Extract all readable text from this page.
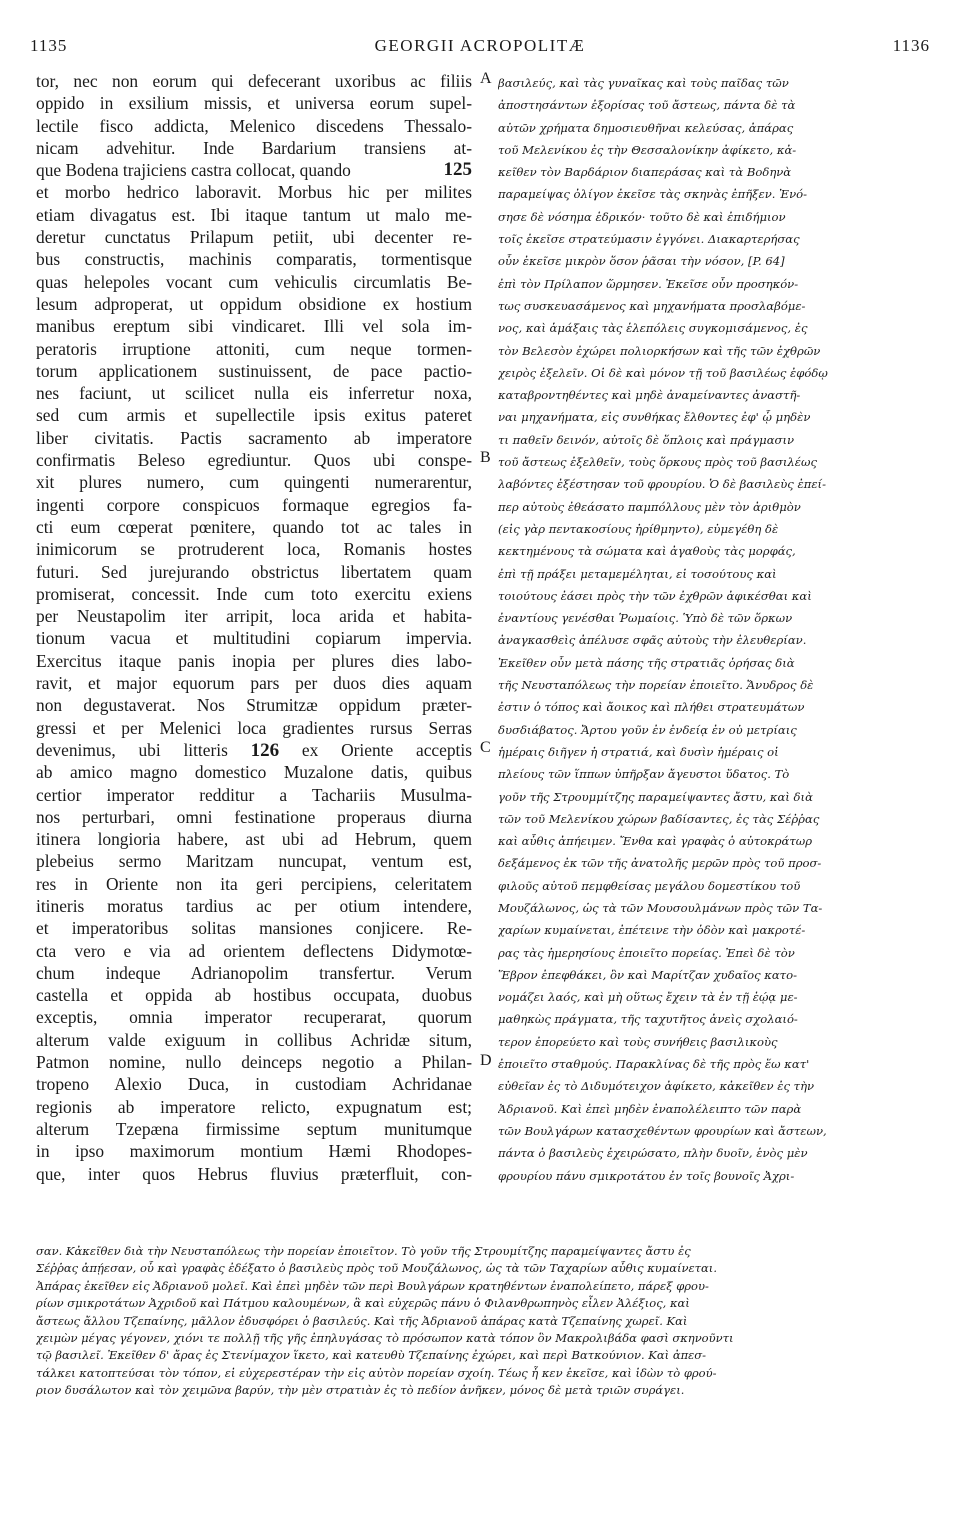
1135	GEORGII ACROPOLITÆ	1136
tor, nec non eorum qui defecerant uxoribus ac filiis
oppido in exsilium missis, et universa eorum supel-
lectile fisco addicta, Melenico discedens Thessalo-
nicam advehitur. Inde Bardarium transiens at-
que Bodena trajiciens castra collocat, quando	125
et morbo hedrico laboravit. Morbus hic per milites
etiam divagatus est. Ibi itaque tantum ut malo me-
deretur cunctatus Prilapum petiit, ubi decenter re-
bus constructis, machinis comparatis, tormentisque
quas helepoles vocant cum vehiculis circumlatis Be-
lesum adproperat, ut oppidum obsidione ex hostium
manibus ereptum sibi vindicaret. Illi vel sola im-
peratoris irruptione attoniti, cum neque tormen-
torum applicationem sustinuissent, de pace pactio-
nes faciunt, ut scilicet nulla eis inferretur noxa,
sed cum armis et supellectile ipsis exitus pateret
liber civitatis. Pactis sacramento ab imperatore
confirmatis Beleso egrediuntur. Quos ubi conspe-
xit plures numero, cum quingenti numerarentur,
ingenti corpore conspicuos formaque egregios fa-
cti eum cœperat pœnitere, quando tot ac tales in
inimicorum se protruderent loca, Romanis hostes
futuri. Sed jurejurando obstrictus libertatem quam
promiserat, concessit. Inde cum toto exercitu exiens
per Neustapolim iter arripit, loca arida et habita-
tionum vacua et multitudini copiarum impervia.
Exercitus itaque panis inopia per plures dies labo-
ravit, et major equorum pars per duos dies aquam
non degustaverat. Nos Strumitzæ oppidum præter-
gressi et per Melenici loca gradientes rursus Serras
devenimus, ubi litteris 126 ex Oriente acceptis
ab amico magno domestico Muzalone datis, quibus
certior imperator redditur a Tachariis Musulma-
nos perturbari, omni festinatione properaus diurna
itinera longioria habere, ast ubi ad Hebrum, quem
plebeius sermo Maritzam nuncupat, ventum est,
res in Oriente non ita geri percipiens, celeritatem
itineris moratus tardius ac per otium intendere,
et imperatoribus solitas mansiones conjicere. Re-
cta vero e via ad orientem deflectens Didymotœ-
chum indeque Adrianopolim transfertur. Verum
castella et oppida ab hostibus occupata, duobus
exceptis, omnia imperator recuperarat, quorum
alterum valde exiguum in collibus Achridæ situm,
Patmon nomine, nullo deinceps negotio a Philan-
tropeno Alexio Duca, in custodiam Achridanae
regionis ab imperatore relicto, expugnatum est;
alterum Tzepæna firmissime septum munitumque
in ipso maximorum montium Hæmi Rhodopes-
que, inter quos Hebrus fluvius præterfluit, con-
βασιλεύς, καὶ τὰς γυναῖκας καὶ τοὺς παῖδας τῶν
ἀποστησάντων ἐξορίσας τοῦ ἄστεως, πάντα δὲ τὰ
αὐτῶν χρήματα δημοσιευθῆναι κελεύσας, ἀπάρας
τοῦ Μελενίκου ἐς τὴν Θεσσαλονίκην ἀφίκετο, κἀ-
κεῖθεν τὸν Βαρδάριον διαπεράσας καὶ τὰ Βοδηνὰ
παραμείψας ὀλίγον ἐκεῖσε τὰς σκηνὰς ἐπῆξεν. Ἐνό-
σησε δὲ νόσημα ἑδρικόν· τοῦτο δὲ καὶ ἐπιδήμιον
τοῖς ἐκεῖσε στρατεύμασιν ἐγγόνει. Διακαρτερήσας
οὖν ἐκεῖσε μικρὸν ὅσον ῥᾶσαι τὴν νόσον, [P. 64]
ἐπὶ τὸν Πρίλαπον ὥρμησεν. Ἐκεῖσε οὖν προσηκόν-
τως συσκευασάμενος καὶ μηχανήματα προσλαβόμε-
νος, καὶ ἁμάξαις τὰς ἑλεπόλεις συγκομισάμενος, ἐς
τὸν Βελεσὸν ἐχώρει πολιορκήσων καὶ τῆς τῶν ἐχθρῶν
χειρὸς ἐξελεῖν. Οἱ δὲ καὶ μόνον τῇ τοῦ βασιλέως ἐφόδῳ
καταβροντηθέντες καὶ μηδὲ ἀναμείναντες ἀναστῆ-
ναι μηχανήματα, εἰς συνθήκας ἔλθοντες ἐφ' ᾧ μηδὲν
τι παθεῖν δεινόν, αὐτοῖς δὲ ὅπλοις καὶ πράγμασιν
τοῦ ἄστεως ἐξελθεῖν, τοὺς ὅρκους πρὸς τοῦ βασιλέως
λαβόντες ἐξέστησαν τοῦ φρουρίου. Ὁ δὲ βασιλεὺς ἐπεί-
περ αὐτοὺς ἐθεάσατο παμπόλλους μὲν τὸν ἀριθμὸν
(εἰς γὰρ πεντακοσίους ἠρίθμηντο), εὐμεγέθη δὲ
κεκτημένους τὰ σώματα καὶ ἀγαθοὺς τὰς μορφάς,
ἐπὶ τῇ πράξει μεταμεμέληται, εἰ τοσούτους καὶ
τοιούτους ἐάσει πρὸς τὴν τῶν ἐχθρῶν ἀφικέσθαι καὶ
ἐναντίους γενέσθαι Ῥωμαίοις. Ὑπὸ δὲ τῶν ὅρκων
ἀναγκασθεὶς ἀπέλυσε σφᾶς αὐτοὺς τὴν ἐλευθερίαν.
Ἐκεῖθεν οὖν μετὰ πάσης τῆς στρατιᾶς ὁρήσας διὰ
τῆς Νευσταπόλεως τὴν πορείαν ἐποιεῖτο. Ἄνυδρος δὲ
ἐστιν ὁ τόπος καὶ ἄοικος καὶ πλήθει στρατευμάτων
δυσδιάβατος. Ἄρτου γοῦν ἐν ἐνδείᾳ ἐν οὐ μετρίαις
ἡμέραις διῆγεν ἡ στρατιά, καὶ δυσὶν ἡμέραις οἱ
πλείους τῶν ἵππων ὑπῆρξαν ἄγευστοι ὕδατος. Τὸ
γοῦν τῆς Στρουμμίτζης παραμείψαντες ἄστυ, καὶ διὰ
τῶν τοῦ Μελενίκου χώρων βαδίσαντες, ἐς τὰς Σέῤῥας
καὶ αὖθις ἀπήειμεν. Ἔνθα καὶ γραφὰς ὁ αὐτοκράτωρ
δεξάμενος ἐκ τῶν τῆς ἀνατολῆς μερῶν πρὸς τοῦ προσ-
φιλοῦς αὐτοῦ πεμφθείσας μεγάλου δομεστίκου τοῦ
Μουζάλωνος, ὡς τὰ τῶν Μουσουλμάνων πρὸς τῶν Τα-
χαρίων κυμαίνεται, ἐπέτεινε τὴν ὁδὸν καὶ μακροτέ-
ρας τὰς ἡμερησίους ἐποιεῖτο πορείας. Ἐπεὶ δὲ τὸν
Ἕβρον ἐπεφθάκει, ὃν καὶ Μαρίτζαν χυδαῖος κατο-
νομάζει λαός, καὶ μὴ οὕτως ἔχειν τὰ ἐν τῇ ἑῴᾳ με-
μαθηκὼς πράγματα, τῆς ταχυτῆτος ἀνεὶς σχολαιό-
τερον ἐπορεύετο καὶ τοὺς συνήθεις βασιλικοὺς
ἐποιεῖτο σταθμούς. Παρακλίνας δὲ τῆς πρὸς ἕω κατ'
εὐθεῖαν ἐς τὸ Διδυμότειχον ἀφίκετο, κἀκεῖθεν ἐς τὴν
Ἀδριανοῦ. Καὶ ἐπεὶ μηδὲν ἐναπολέλειπτο τῶν παρὰ
τῶν Βουλγάρων κατασχεθέντων φρουρίων καὶ ἄστεων,
πάντα ὁ βασιλεὺς ἐχειρώσατο, πλὴν δυοῖν, ἑνὸς μὲν
φρουρίου πάνυ σμικροτάτου ἐν τοῖς βουνοῖς Ἀχρι-
A
B
C
D
σαν. Κἀκεῖθεν διὰ τὴν Νευσταπόλεως τὴν πορείαν ἐποιεῖτον. Τὸ γοῦν τῆς Στρουμίτζης παραμείψαντες ἄστυ ἐς
Σέῤῥας ἀπῄεσαν, οὗ καὶ γραφὰς ἐδέξατο ὁ βασιλεὺς πρὸς τοῦ Μουζάλωνος, ὡς τὰ τῶν Ταχαρίων αὖθις κυμαίνεται.
Ἀπάρας ἐκεῖθεν εἰς Ἀδριανοῦ μολεῖ. Καὶ ἐπεὶ μηδὲν τῶν περὶ Βουλγάρων κρατηθέντων ἐναπολείπετο, πάρεξ φρου-
ρίων σμικροτάτων Ἀχριδοῦ καὶ Πάτμου καλουμένων, ἃ καὶ εὐχερῶς πάνυ ὁ Φιλανθρωπηνὸς εἶλεν Ἀλέξιος, καὶ
ἄστεως ἄλλου Τζεπαίνης, μᾶλλον ἐδυσφόρει ὁ βασιλεύς. Καὶ τῆς Ἀδριανοῦ ἀπάρας κατὰ Τζεπαίνης χωρεῖ. Καὶ
χειμὼν μέγας γέγονεν, χιόνι τε πολλῇ τῆς γῆς ἐπηλυγάσας τὸ πρόσωπον κατὰ τόπον ὃν Μακρολιβάδα φασὶ σκηνοῦντι
τῷ βασιλεῖ. Ἐκεῖθεν δ' ἄρας ἐς Στενίμαχον ἵκετο, καὶ κατευθὺ Τζεπαίνης ἐχώρει, καὶ περὶ Βατκούνιον. Καὶ ἀπεσ-
τάλκει κατοπτεύσαι τὸν τόπον, εἰ εὐχερεστέραν τὴν εἰς αὐτὸν πορείαν σχοίη. Τέως ἦ κεν ἐκεῖσε, καὶ ἰδὼν τὸ φρού-
ριον δυσάλωτον καὶ τὸν χειμῶνα βαρύν, τὴν μὲν στρατιὰν ἐς τὸ πεδίον ἀνῆκεν, μόνος δὲ μετὰ τριῶν συράγει.
